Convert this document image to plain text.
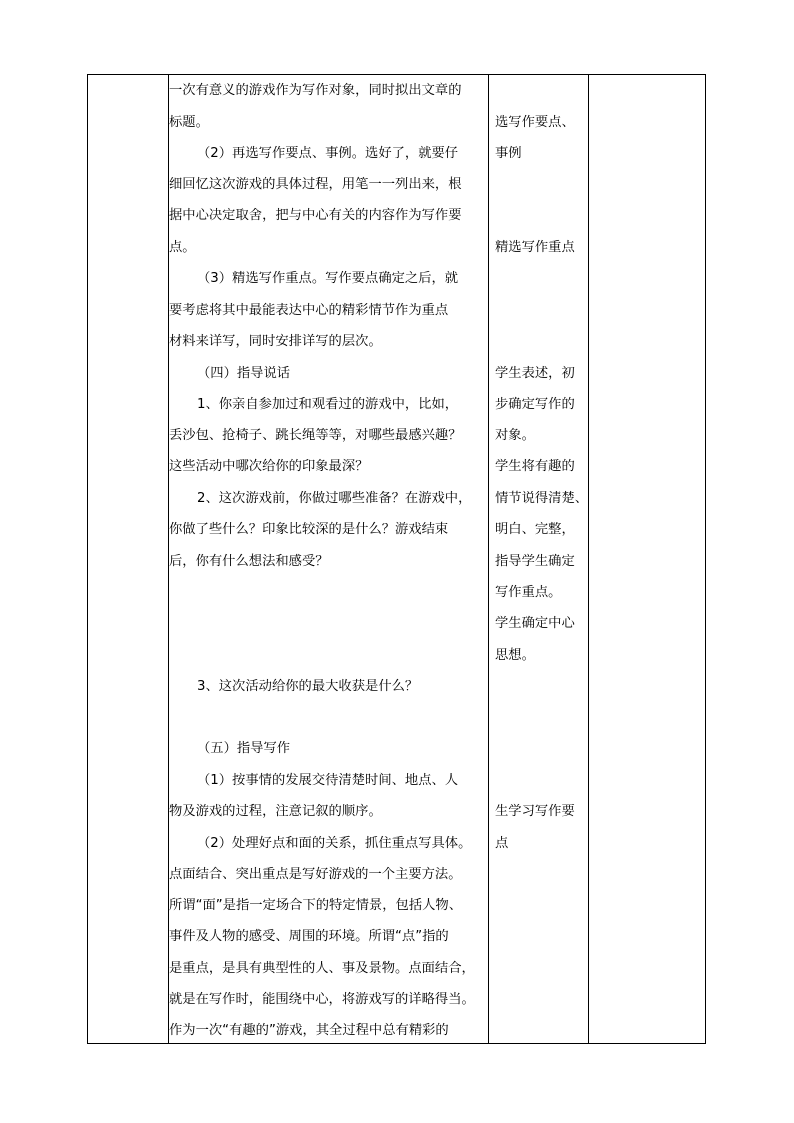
一次有意义的游戏作为写作对象，同时拟出文章的
标题。
（2）再选写作要点、事例。选好了，就要仔
细回忆这次游戏的具体过程，用笔一一列出来，根
据中心决定取舍，把与中心有关的内容作为写作要
点。
（3）精选写作重点。写作要点确定之后，就
要考虑将其中最能表达中心的精彩情节作为重点
材料来详写，同时安排详写的层次。
（四）指导说话
1、你亲自参加过和观看过的游戏中，比如，
丢沙包、抢椅子、跳长绳等等，对哪些最感兴趣？
这些活动中哪次给你的印象最深？
2、这次游戏前，你做过哪些准备？在游戏中，
你做了些什么？印象比较深的是什么？游戏结束
后，你有什么想法和感受？
3、这次活动给你的最大收获是什么？
（五）指导写作
（1）按事情的发展交待清楚时间、地点、人
物及游戏的过程，注意记叙的顺序。
（2）处理好点和面的关系，抓住重点写具体。
点面结合、突出重点是写好游戏的一个主要方法。
所谓“面”是指一定场合下的特定情景，包括人物、
事件及人物的感受、周围的环境。所谓“点”指的
是重点，是具有典型性的人、事及景物。点面结合，
就是在写作时，能围绕中心，将游戏写的详略得当。
作为一次“有趣的”游戏，其全过程中总有精彩的
选写作要点、
事例
精选写作重点
学生表述，初
步确定写作的
对象。
学生将有趣的
情节说得清楚、
明白、完整，
指导学生确定
写作重点。
学生确定中心
思想。
生学习写作要
点
